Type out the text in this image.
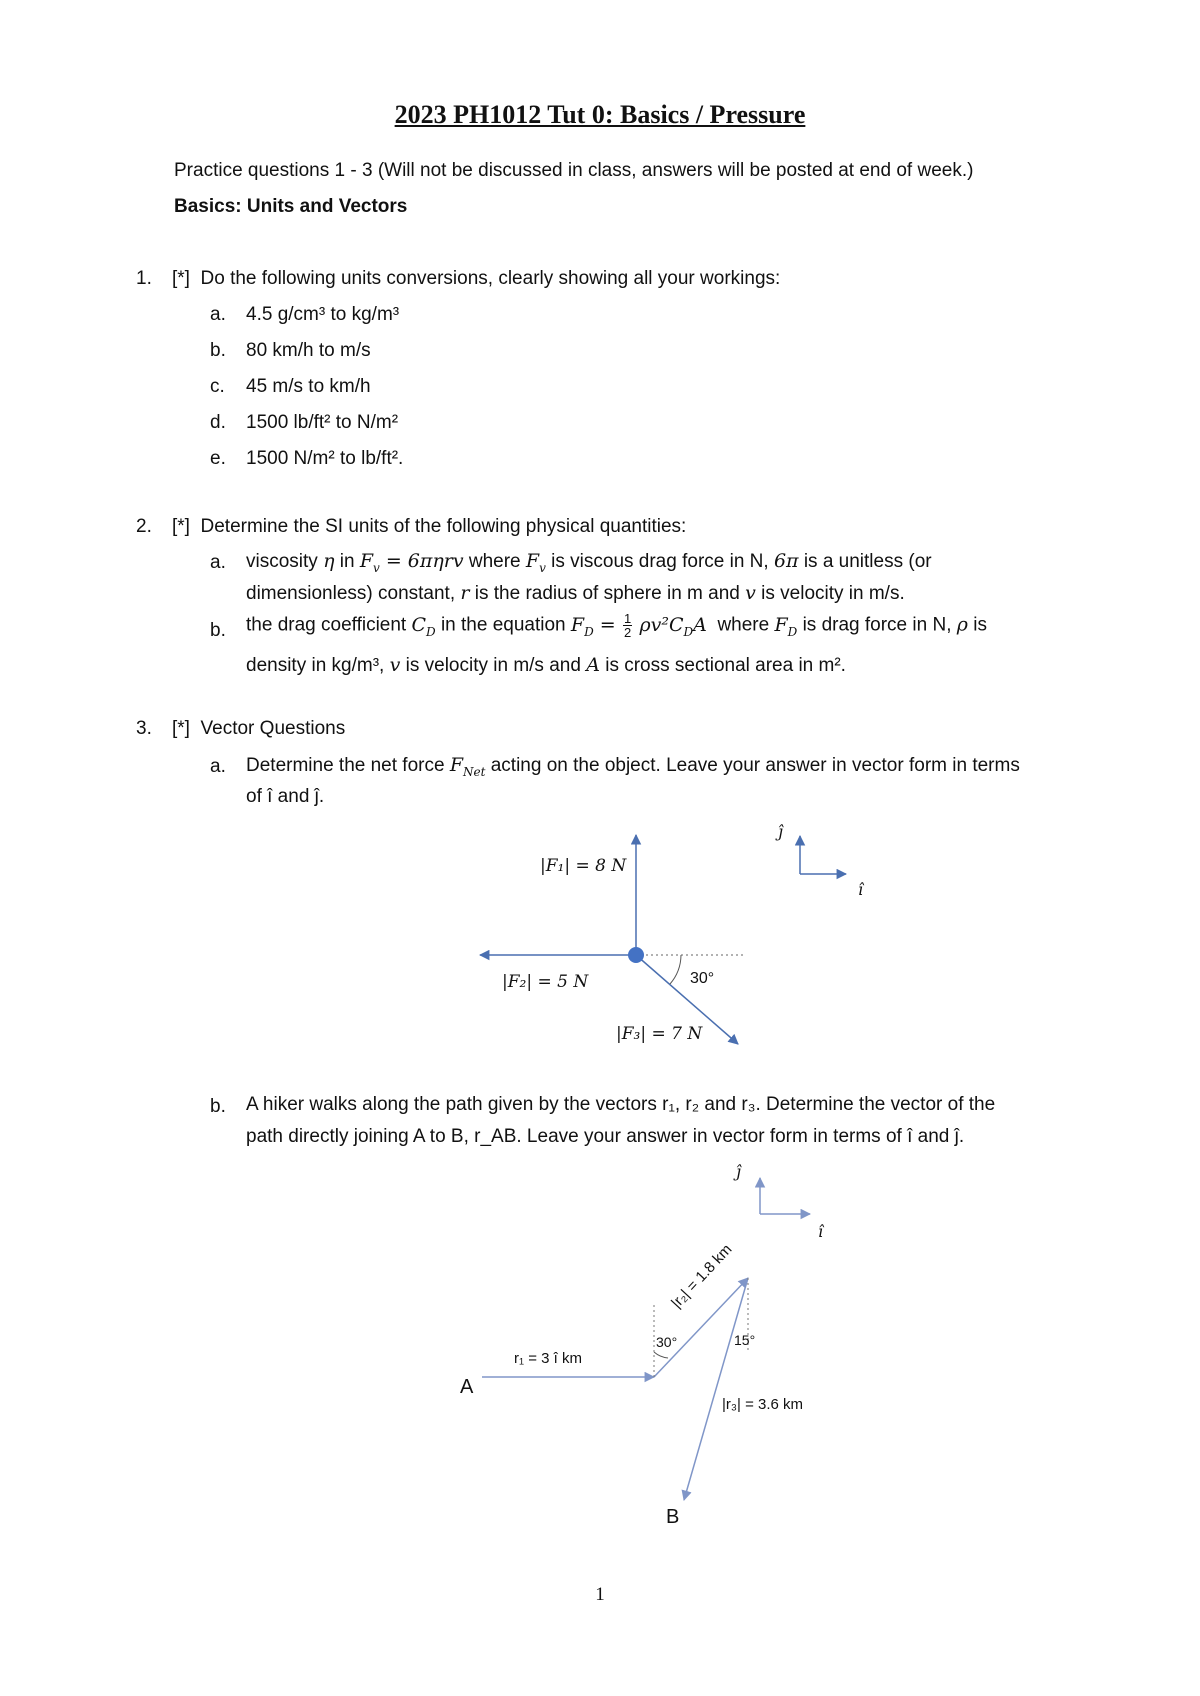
2023 PH1012 Tut 0: Basics / Pressure
Practice questions 1 - 3 (Will not be discussed in class, answers will be posted at end of week.)
Basics: Units and Vectors
1. [*] Do the following units conversions, clearly showing all your workings:
a. 4.5 g/cm³ to kg/m³
b. 80 km/h to m/s
c. 45 m/s to km/h
d. 1500 lb/ft² to N/m²
e. 1500 N/m² to lb/ft².
2. [*] Determine the SI units of the following physical quantities:
a. viscosity η in $F_v = 6\pi\eta rv$ where $F_v$ is viscous drag force in N, 6π is a unitless (or
dimensionless) constant, r is the radius of sphere in m and v is velocity in m/s.
b. the drag coefficient $C_D$ in the equation $F_D = \frac{1}{2} \rho v^2C_DA$ where $F_D$ is drag force in N, ρ is
density in kg/m³, v is velocity in m/s and A is cross sectional area in m².
3. [*] Vector Questions
a. Determine the net force $F_{Net}$ acting on the object. Leave your answer in vector form in terms
of î and ĵ.
|F₁| = 8 N
|F₂| = 5 N
|F₃| = 7 N
30°
ĵ
î
b. A hiker walks along the path given by the vectors r₁, r₂ and r₃. Determine the vector of the
path directly joining A to B, r_AB. Leave your answer in vector form in terms of î and ĵ.
ĵ
î
r₁ = 3 î km
|r₂| = 1.8 km
|r₃| = 3.6 km
30°	15°
A
B
1
